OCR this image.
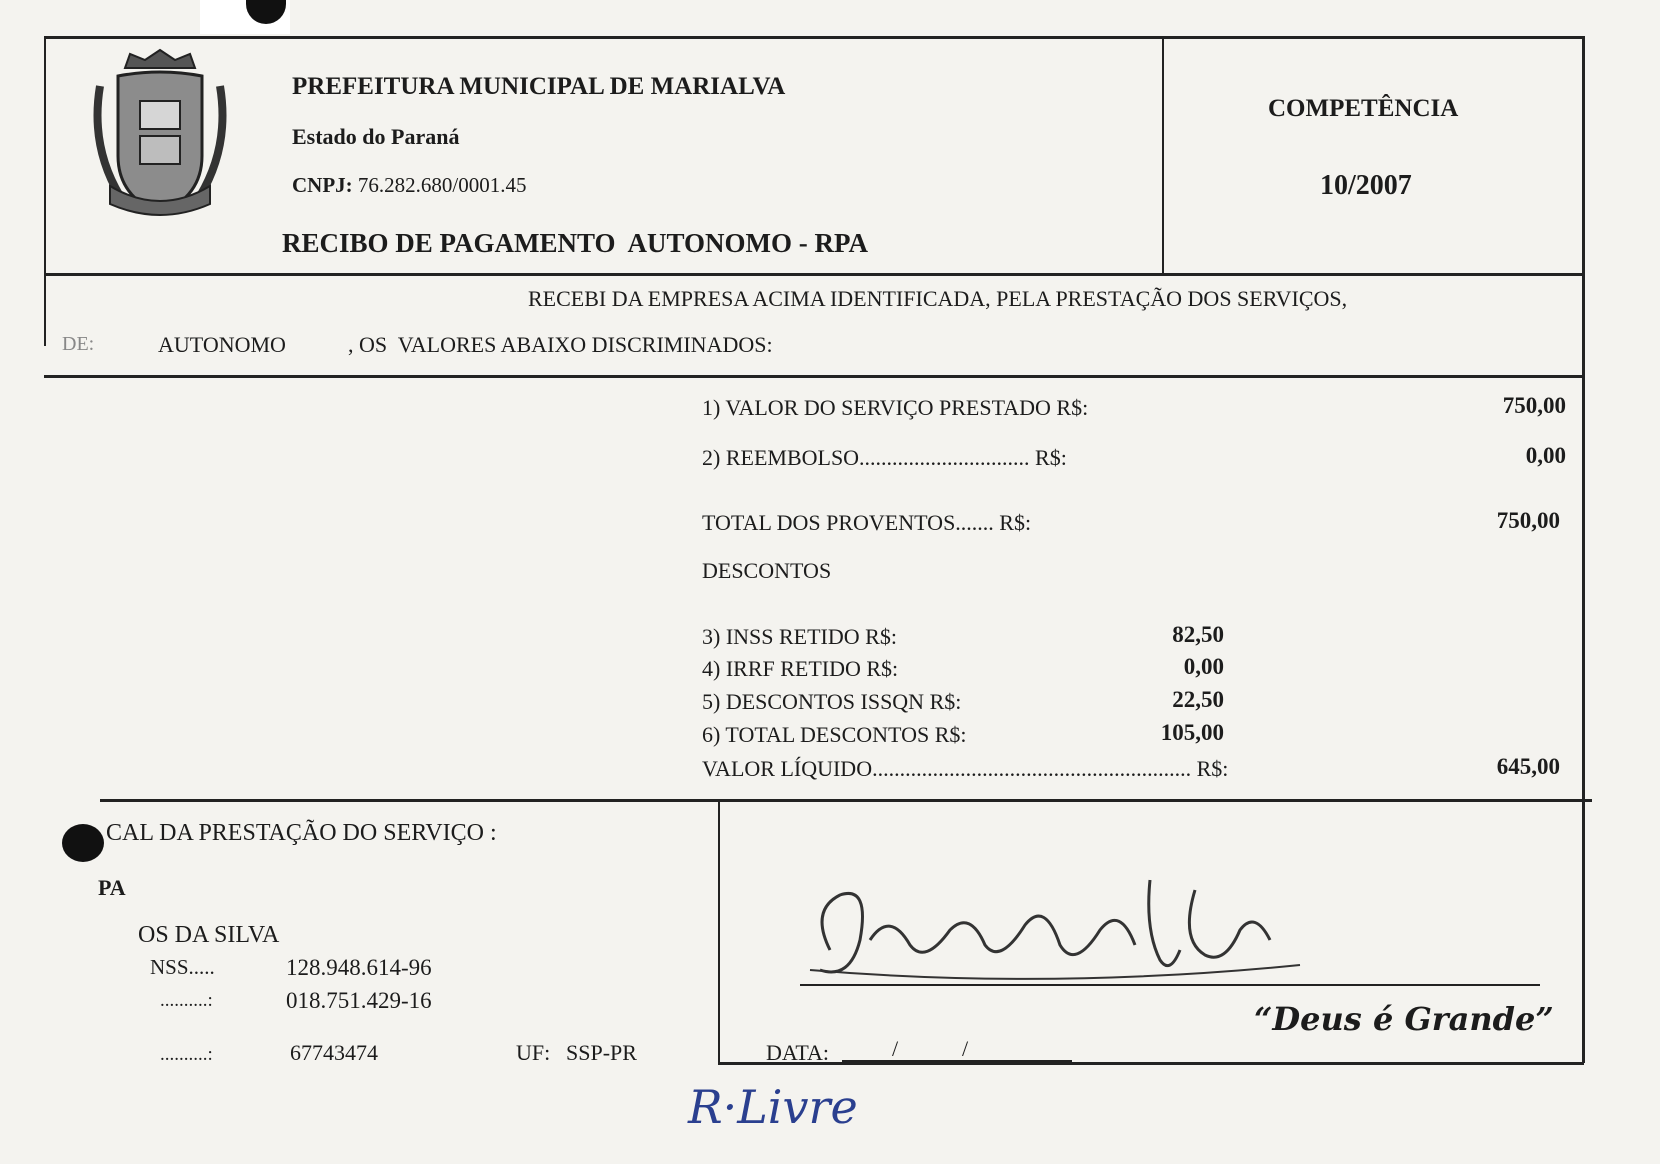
PREFEITURA MUNICIPAL DE MARIALVA
Estado do Paraná
CNPJ: 76.282.680/0001.45
RECIBO DE PAGAMENTO  AUTONOMO - RPA
COMPETÊNCIA
10/2007
RECEBI DA EMPRESA ACIMA IDENTIFICADA, PELA PRESTAÇÃO DOS SERVIÇOS,
DE:	AUTONOMO	, OS  VALORES ABAIXO DISCRIMINADOS:
1) VALOR DO SERVIÇO PRESTADO R$:	750,00
2) REEMBOLSO............................... R$:	0,00
TOTAL DOS PROVENTOS....... R$:	750,00
DESCONTOS
3) INSS RETIDO R$:	82,50
4) IRRF RETIDO R$:	0,00
5) DESCONTOS ISSQN R$:	22,50
6) TOTAL DESCONTOS R$:	105,00
VALOR LÍQUIDO.......................................................... R$:	645,00
CAL DA PRESTAÇÃO DO SERVIÇO :
PA
OS DA SILVA
NSS.....	128.948.614-96
..........:	018.751.429-16
..........:	67743474	UF: SSP-PR
“Deus é Grande”
DATA:	/	/
R·Livre
